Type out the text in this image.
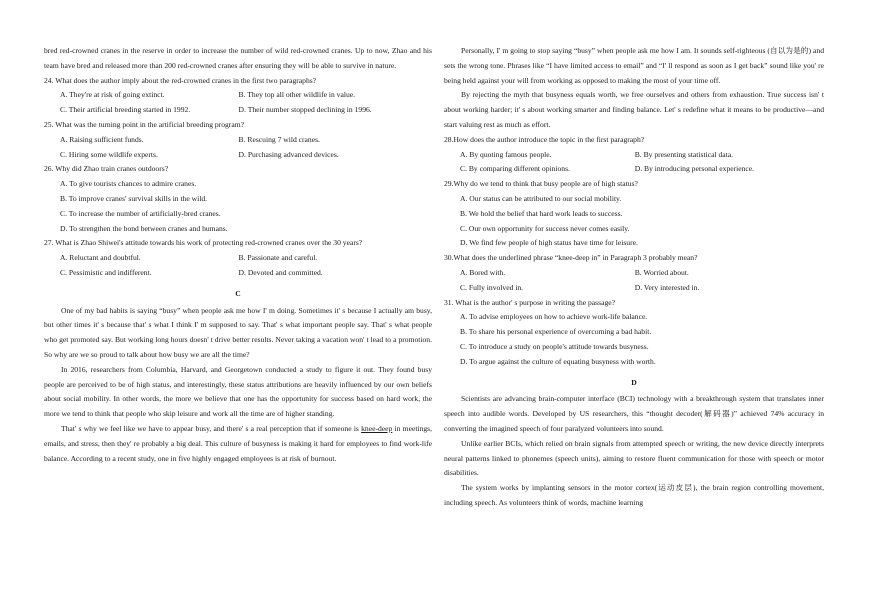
bred red-crowned cranes in the reserve in order to increase the number of wild red-crowned cranes. Up to now, Zhao and his team have bred and released more than 200 red-crowned cranes after ensuring they will be able to survive in nature.

24. What does the author imply about the red-crowned cranes in the first two paragraphs?
A. They're at risk of going extinct.	B. They top all other wildlife in value.
C. Their artificial breeding started in 1992.	D. Their number stopped declining in 1996.
25. What was the turning point in the artificial breeding program?
A. Raising sufficient funds.	B. Rescuing 7 wild cranes.
C. Hiring some wildlife experts.	D. Purchasing advanced devices.
26. Why did Zhao train cranes outdoors?
A. To give tourists chances to admire cranes.
B. To improve cranes' survival skills in the wild.
C. To increase the number of artificially-bred cranes.
D. To strengthen the bond between cranes and humans.
27. What is Zhao Shiwei's attitude towards his work of protecting red-crowned cranes over the 30 years?
A. Reluctant and doubtful.	B. Passionate and careful.
C. Pessimistic and indifferent.	D. Devoted and committed.
C

One of my bad habits is saying “busy” when people ask me how I' m doing. Sometimes it' s because I actually am busy, but other times it' s because that' s what I think I' m supposed to say. That' s what important people say. That' s what people who get promoted say. But working long hours doesn' t drive better results. Never taking a vacation won' t lead to a promotion. So why are we so proud to talk about how busy we are all the time?

In 2016, researchers from Columbia, Harvard, and Georgetown conducted a study to figure it out. They found busy people are perceived to be of high status, and interestingly, these status attributions are heavily influenced by our own beliefs about social mobility. In other words, the more we believe that one has the opportunity for success based on hard work, the more we tend to think that people who skip leisure and work all the time are of higher standing.

That' s why we feel like we have to appear busy, and there' s a real perception that if someone is knee-deep in meetings, emails, and stress, then they' re probably a big deal. This culture of busyness is making it hard for employees to find work-life balance. According to a recent study, one in five highly engaged employees is at risk of burnout.

Personally, I' m going to stop saying “busy” when people ask me how I am. It sounds self-righteous (自以为是的) and sets the wrong tone. Phrases like “I have limited access to email” and “I' ll respond as soon as I get back” sound like you' re being held against your will from working as opposed to making the most of your time off.

By rejecting the myth that busyness equals worth, we free ourselves and others from exhaustion. True success isn' t about working harder; it' s about working smarter and finding balance. Let' s redefine what it means to be productive—and start valuing rest as much as effort.

28.How does the author introduce the topic in the first paragraph?
A. By quoting famous people.	B. By presenting statistical data.
C. By comparing different opinions.	D. By introducing personal experience.
29.Why do we tend to think that busy people are of high status?
A. Our status can be attributed to our social mobility.
B. We hold the belief that hard work leads to success.
C. Our own opportunity for success never comes easily.
D. We find few people of high status have time for leisure.
30.What does the underlined phrase “knee-deep in” in Paragraph 3 probably mean?
A. Bored with.	B. Worried about.
C. Fully involved in.	D. Very interested in.
31. What is the author' s purpose in writing the passage?
A. To advise employees on how to achieve work-life balance.
B. To share his personal experience of overcoming a bad habit.
C. To introduce a study on people's attitude towards busyness.
D. To argue against the culture of equating busyness with worth.
D

Scientists are advancing brain-computer interface (BCI) technology with a breakthrough system that translates inner speech into audible words. Developed by US researchers, this “thought decoder(解码器)” achieved 74% accuracy in converting the imagined speech of four paralyzed volunteers into sound.

Unlike earlier BCIs, which relied on brain signals from attempted speech or writing, the new device directly interprets neural patterns linked to phonemes (speech units), aiming to restore fluent communication for those with speech or motor disabilities.

The system works by implanting sensors in the motor cortex(运动皮层), the brain region controlling movement, including speech. As volunteers think of words, machine learning
